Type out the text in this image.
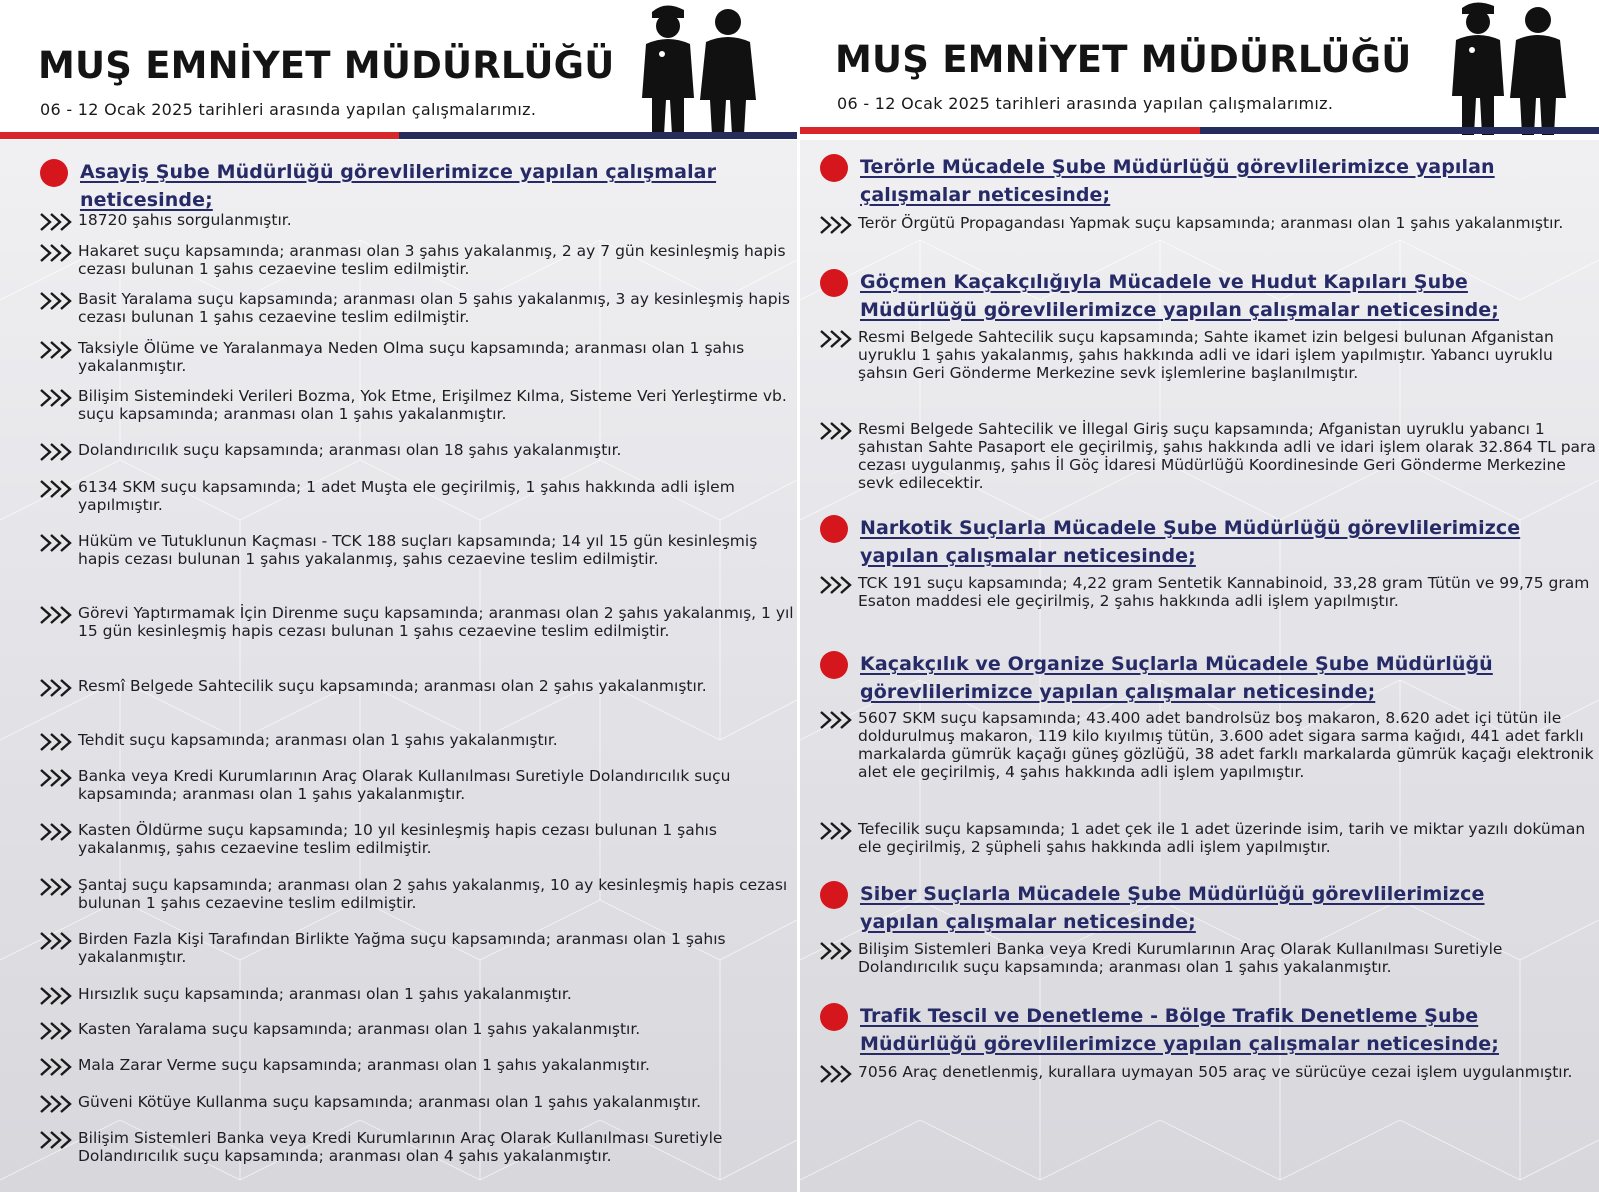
MUŞ EMNİYET MÜDÜRLÜĞÜ

06 - 12 Ocak 2025 tarihleri arasında yapılan çalışmalarımız.

Asayiş Şube Müdürlüğü görevlilerimizce yapılan çalışmalar neticesinde;
18720 şahıs sorgulanmıştır.
Hakaret suçu kapsamında; aranması olan 3 şahıs yakalanmış, 2 ay 7 gün kesinleşmiş hapis cezası bulunan 1 şahıs cezaevine teslim edilmiştir.
Basit Yaralama suçu kapsamında; aranması olan 5 şahıs yakalanmış, 3 ay kesinleşmiş hapis cezası bulunan 1 şahıs cezaevine teslim edilmiştir.
Taksiyle Ölüme ve Yaralanmaya Neden Olma suçu kapsamında; aranması olan 1 şahıs yakalanmıştır.
Bilişim Sistemindeki Verileri Bozma, Yok Etme, Erişilmez Kılma, Sisteme Veri Yerleştirme vb. suçu kapsamında; aranması olan 1 şahıs yakalanmıştır.
Dolandırıcılık suçu kapsamında; aranması olan 18 şahıs yakalanmıştır.
6134 SKM suçu kapsamında; 1 adet Muşta ele geçirilmiş, 1 şahıs hakkında adli işlem yapılmıştır.
Hüküm ve Tutuklunun Kaçması - TCK 188 suçları kapsamında; 14 yıl 15 gün kesinleşmiş hapis cezası bulunan 1 şahıs yakalanmış, şahıs cezaevine teslim edilmiştir.
Görevi Yaptırmamak İçin Direnme suçu kapsamında; aranması olan 2 şahıs yakalanmış, 1 yıl 15 gün kesinleşmiş hapis cezası bulunan 1 şahıs cezaevine teslim edilmiştir.
Resmî Belgede Sahtecilik suçu kapsamında; aranması olan 2 şahıs yakalanmıştır.
Tehdit suçu kapsamında; aranması olan 1 şahıs yakalanmıştır.
Banka veya Kredi Kurumlarının Araç Olarak Kullanılması Suretiyle Dolandırıcılık suçu kapsamında; aranması olan 1 şahıs yakalanmıştır.
Kasten Öldürme suçu kapsamında; 10 yıl kesinleşmiş hapis cezası bulunan 1 şahıs yakalanmış, şahıs cezaevine teslim edilmiştir.
Şantaj suçu kapsamında; aranması olan 2 şahıs yakalanmış, 10 ay kesinleşmiş hapis cezası bulunan 1 şahıs cezaevine teslim edilmiştir.
Birden Fazla Kişi Tarafından Birlikte Yağma suçu kapsamında; aranması olan 1 şahıs yakalanmıştır.
Hırsızlık suçu kapsamında; aranması olan 1 şahıs yakalanmıştır.
Kasten Yaralama suçu kapsamında; aranması olan 1 şahıs yakalanmıştır.
Mala Zarar Verme suçu kapsamında; aranması olan 1 şahıs yakalanmıştır.
Güveni Kötüye Kullanma suçu kapsamında; aranması olan 1 şahıs yakalanmıştır.
Bilişim Sistemleri Banka veya Kredi Kurumlarının Araç Olarak Kullanılması Suretiyle Dolandırıcılık suçu kapsamında; aranması olan 4 şahıs yakalanmıştır.
MUŞ EMNİYET MÜDÜRLÜĞÜ

06 - 12 Ocak 2025 tarihleri arasında yapılan çalışmalarımız.

Terörle Mücadele Şube Müdürlüğü görevlilerimizce yapılan çalışmalar neticesinde;
Terör Örgütü Propagandası Yapmak suçu kapsamında; aranması olan 1 şahıs yakalanmıştır.
Göçmen Kaçakçılığıyla Mücadele ve Hudut Kapıları Şube Müdürlüğü görevlilerimizce yapılan çalışmalar neticesinde;
Resmi Belgede Sahtecilik suçu kapsamında; Sahte ikamet izin belgesi bulunan Afganistan uyruklu 1 şahıs yakalanmış, şahıs hakkında adli ve idari işlem yapılmıştır. Yabancı uyruklu şahsın Geri Gönderme Merkezine sevk işlemlerine başlanılmıştır.
Resmi Belgede Sahtecilik ve İllegal Giriş suçu kapsamında; Afganistan uyruklu yabancı 1 şahıstan Sahte Pasaport ele geçirilmiş, şahıs hakkında adli ve idari işlem olarak 32.864 TL para cezası uygulanmış, şahıs İl Göç İdaresi Müdürlüğü Koordinesinde Geri Gönderme Merkezine sevk edilecektir.
Narkotik Suçlarla Mücadele Şube Müdürlüğü görevlilerimizce yapılan çalışmalar neticesinde;
TCK 191 suçu kapsamında; 4,22 gram Sentetik Kannabinoid, 33,28 gram Tütün ve 99,75 gram Esaton maddesi ele geçirilmiş, 2 şahıs hakkında adli işlem yapılmıştır.
Kaçakçılık ve Organize Suçlarla Mücadele Şube Müdürlüğü görevlilerimizce yapılan çalışmalar neticesinde;
5607 SKM suçu kapsamında; 43.400 adet bandrolsüz boş makaron, 8.620 adet içi tütün ile doldurulmuş makaron, 119 kilo kıyılmış tütün, 3.600 adet sigara sarma kağıdı, 441 adet farklı markalarda gümrük kaçağı güneş gözlüğü, 38 adet farklı markalarda gümrük kaçağı elektronik alet ele geçirilmiş, 4 şahıs hakkında adli işlem yapılmıştır.
Tefecilik suçu kapsamında; 1 adet çek ile 1 adet üzerinde isim, tarih ve miktar yazılı doküman ele geçirilmiş, 2 şüpheli şahıs hakkında adli işlem yapılmıştır.
Siber Suçlarla Mücadele Şube Müdürlüğü görevlilerimizce yapılan çalışmalar neticesinde;
Bilişim Sistemleri Banka veya Kredi Kurumlarının Araç Olarak Kullanılması Suretiyle Dolandırıcılık suçu kapsamında; aranması olan 1 şahıs yakalanmıştır.
Trafik Tescil ve Denetleme - Bölge Trafik Denetleme Şube Müdürlüğü görevlilerimizce yapılan çalışmalar neticesinde;
7056 Araç denetlenmiş, kurallara uymayan 505 araç ve sürücüye cezai işlem uygulanmıştır.
